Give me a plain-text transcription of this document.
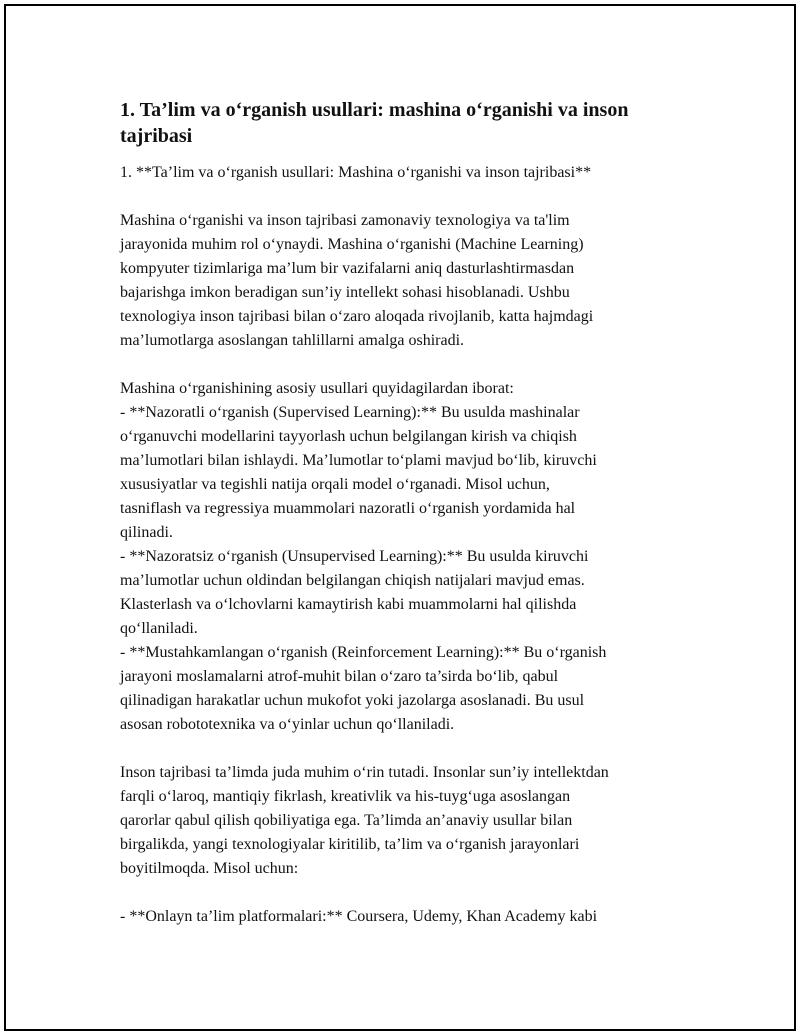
1. Ta’lim va o‘rganish usullari: mashina o‘rganishi va inson tajribasi
1. **Ta’lim va o‘rganish usullari: Mashina o‘rganishi va inson tajribasi**
Mashina o‘rganishi va inson tajribasi zamonaviy texnologiya va ta'lim
jarayonida muhim rol o‘ynaydi. Mashina o‘rganishi (Machine Learning)
kompyuter tizimlariga ma’lum bir vazifalarni aniq dasturlashtirmasdan
bajarishga imkon beradigan sun’iy intellekt sohasi hisoblanadi. Ushbu
texnologiya inson tajribasi bilan o‘zaro aloqada rivojlanib, katta hajmdagi
ma’lumotlarga asoslangan tahlillarni amalga oshiradi.
Mashina o‘rganishining asosiy usullari quyidagilardan iborat:
- **Nazoratli o‘rganish (Supervised Learning):** Bu usulda mashinalar
o‘rganuvchi modellarini tayyorlash uchun belgilangan kirish va chiqish
ma’lumotlari bilan ishlaydi. Ma’lumotlar to‘plami mavjud bo‘lib, kiruvchi
xususiyatlar va tegishli natija orqali model o‘rganadi. Misol uchun,
tasniflash va regressiya muammolari nazoratli o‘rganish yordamida hal
qilinadi.
- **Nazoratsiz o‘rganish (Unsupervised Learning):** Bu usulda kiruvchi
ma’lumotlar uchun oldindan belgilangan chiqish natijalari mavjud emas.
Klasterlash va o‘lchovlarni kamaytirish kabi muammolarni hal qilishda
qo‘llaniladi.
- **Mustahkamlangan o‘rganish (Reinforcement Learning):** Bu o‘rganish
jarayoni moslamalarni atrof-muhit bilan o‘zaro ta’sirda bo‘lib, qabul
qilinadigan harakatlar uchun mukofot yoki jazolarga asoslanadi. Bu usul
asosan robototexnika va o‘yinlar uchun qo‘llaniladi.
Inson tajribasi ta’limda juda muhim o‘rin tutadi. Insonlar sun’iy intellektdan
farqli o‘laroq, mantiqiy fikrlash, kreativlik va his-tuyg‘uga asoslangan
qarorlar qabul qilish qobiliyatiga ega. Ta’limda an’anaviy usullar bilan
birgalikda, yangi texnologiyalar kiritilib, ta’lim va o‘rganish jarayonlari
boyitilmoqda. Misol uchun:
- **Onlayn ta’lim platformalari:** Coursera, Udemy, Khan Academy kabi
